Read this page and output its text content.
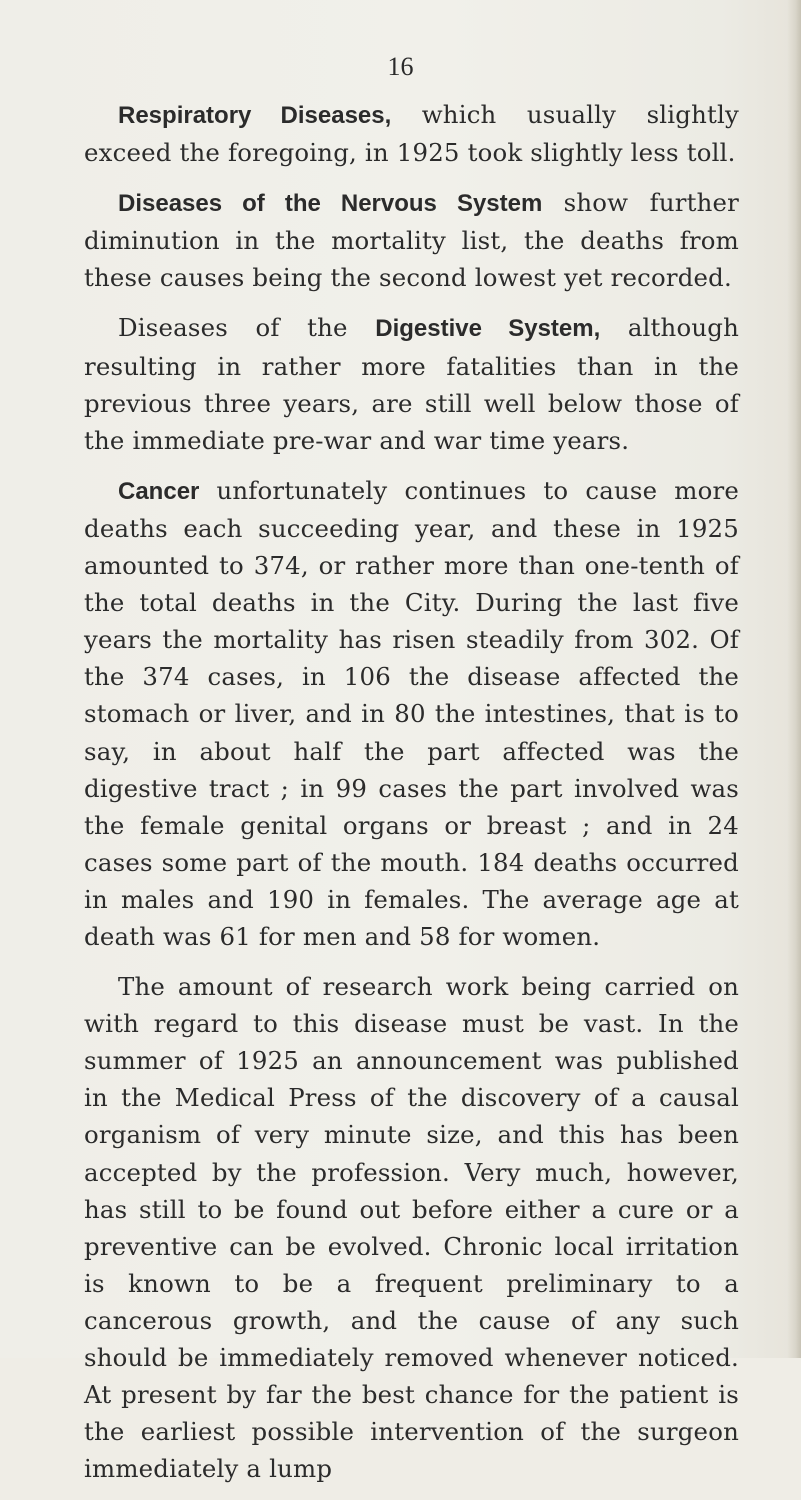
16

Respiratory Diseases, which usually slightly exceed the foregoing, in 1925 took slightly less toll.

Diseases of the Nervous System show further diminution in the mortality list, the deaths from these causes being the second lowest yet recorded.

Diseases of the Digestive System, although resulting in rather more fatalities than in the previous three years, are still well below those of the immediate pre-war and war time years.

Cancer unfortunately continues to cause more deaths each succeeding year, and these in 1925 amounted to 374, or rather more than one-tenth of the total deaths in the City. During the last five years the mortality has risen steadily from 302. Of the 374 cases, in 106 the disease affected the stomach or liver, and in 80 the intestines, that is to say, in about half the part affected was the digestive tract ; in 99 cases the part involved was the female genital organs or breast ; and in 24 cases some part of the mouth. 184 deaths occurred in males and 190 in females. The average age at death was 61 for men and 58 for women.

The amount of research work being carried on with regard to this disease must be vast. In the summer of 1925 an announcement was published in the Medical Press of the discovery of a causal organism of very minute size, and this has been accepted by the profession. Very much, however, has still to be found out before either a cure or a preventive can be evolved. Chronic local irritation is known to be a frequent preliminary to a cancerous growth, and the cause of any such should be immediately removed whenever noticed. At present by far the best chance for the patient is the earliest possible intervention of the surgeon immediately a lump
